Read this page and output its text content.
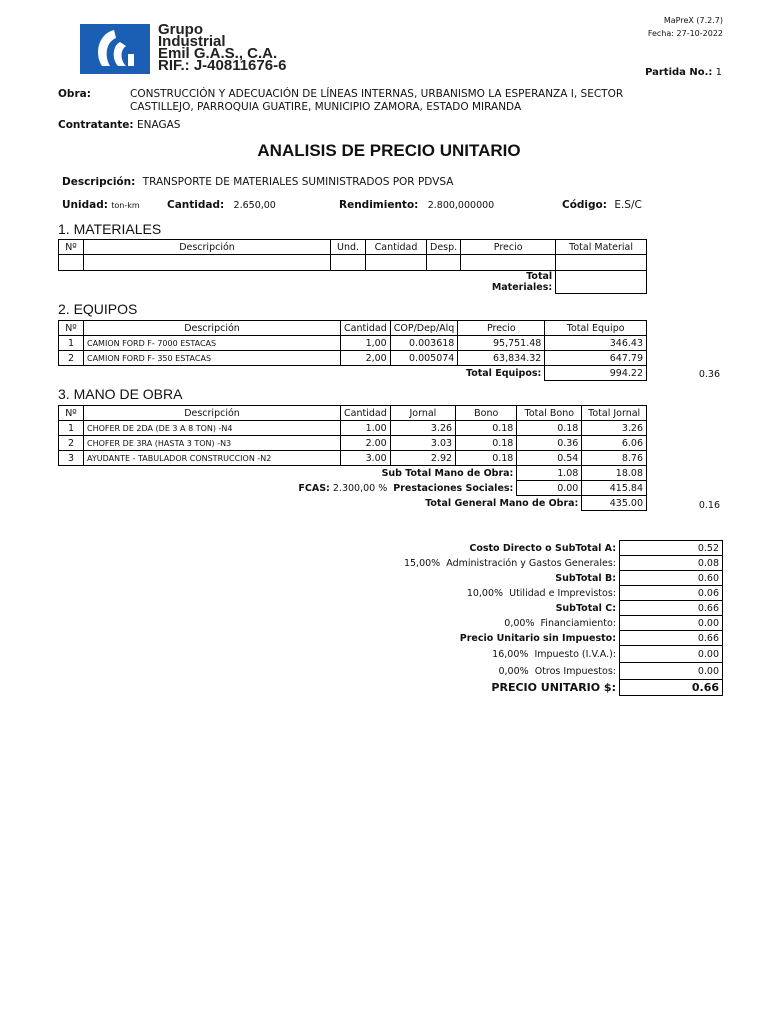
Grupo
Industrial
Emil G.A.S., C.A.
RIF.: J-40811676-6
MaPreX (7.2.7)
Fecha: 27-10-2022
Partida No.: 1
Obra:	CONSTRUCCIÓN Y ADECUACIÓN DE LÍNEAS INTERNAS, URBANISMO LA ESPERANZA I, SECTOR
CASTILLEJO, PARROQUIA GUATIRE, MUNICIPIO ZAMORA, ESTADO MIRANDA
Contratante: ENAGAS
ANALISIS DE PRECIO UNITARIO
Descripción: TRANSPORTE DE MATERIALES SUMINISTRADOS POR PDVSA
Unidad: ton-km	Cantidad: 2.650,00	Rendimiento: 2.800,000000	Código: E.S/C
1. MATERIALES
Nº	Descripción	Und.	Cantidad	Desp.	Precio	Total Material

					Total Materiales:	
2. EQUIPOS
Nº	Descripción	Cantidad	COP/Dep/Alq	Precio	Total Equipo
1	CAMION FORD F- 7000 ESTACAS	1,00	0.003618	95,751.48	346.43
2	CAMION FORD F- 350 ESTACAS	2,00	0.005074	63,834.32	647.79
			Total Equipos:		994.22	0.36
3. MANO DE OBRA
Nº	Descripción	Cantidad	Jornal	Bono	Total Bono	Total Jornal
1	CHOFER DE 2DA (DE 3 A 8 TON) -N4	1.00	3.26	0.18	0.18	3.26
2	CHOFER DE 3RA (HASTA 3 TON) -N3	2.00	3.03	0.18	0.36	6.06
3	AYUDANTE - TABULADOR CONSTRUCCION -N2	3.00	2.92	0.18	0.54	8.76
		Sub Total Mano de Obra:			1.08	18.08
	FCAS: 2.300,00 %		Prestaciones Sociales:		0.00	415.84
			Total General Mano de Obra:			435.00	0.16
Costo Directo o SubTotal A:	0.52
15,00% Administración y Gastos Generales:	0.08
SubTotal B:	0.60
10,00% Utilidad e Imprevistos:	0.06
SubTotal C:	0.66
0,00% Financiamiento:	0.00
Precio Unitario sin Impuesto:	0.66
16,00% Impuesto (I.V.A.):	0.00
0,00% Otros Impuestos:	0.00
PRECIO UNITARIO $:	0.66
